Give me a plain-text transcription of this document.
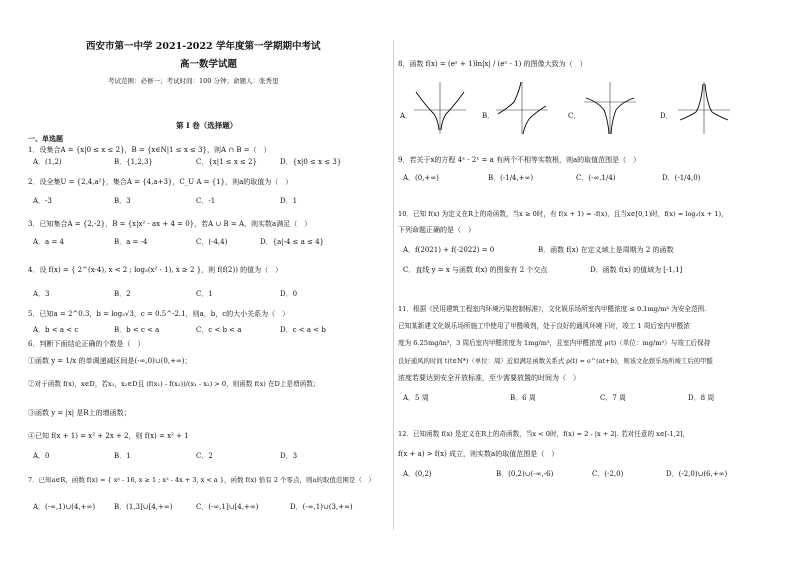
西安市第一中学 2021-2022 学年度第一学期期中考试
高一数学试题
考试范围：必修一；考试时间：100 分钟；命题人：张秀里
第 I 卷（选择题）
一、单选题
1．设集合A = {x|0 ≤ x ≤ 2}，B = {x∈N|1 ≤ x ≤ 3}，则A ∩ B =（　）
A．(1,2)	B．{1,2,3}	C．{x|1 ≤ x ≤ 2}	D．{x|0 ≤ x ≤ 3}
2．设全集U = {2,4,a²}，集合A = {4,a+3}，C_U A = {1}，则a的取值为（　）
A．-3	B．3	C．-1	D．1
3．已知集合A = {2,-2}，B = {x|x² - ax + 4 = 0}，若A ∪ B = A，则实数a满足（　）
A．a = 4	B．a = -4	C．(-4,4)	D．{a|-4 ≤ a ≤ 4}
4．设 f(x) = { 2^(x-4), x < 2 ; log₃(x² - 1), x ≥ 2 }，则 f(f(2)) 的值为（　）
A．3	B．2	C．1	D．0
5．已知a = 2^0.3，b = log₂√3，c = 0.5^-2.1，则a，b，c的大小关系为（　）
A．b < a < c	B．b < c < a	C．c < b < a	D．c < a < b
6．判断下面结论正确的个数是（　）
①函数 y = 1/x 的单调递减区间是(-∞,0)∪(0,+∞)；
②对于函数 f(x)，x∈D，若x₁，x₂∈D且 (f(x₁) - f(x₂))/(x₁ - x₂) > 0，则函数 f(x) 在D上是增函数；
③函数 y = |x| 是R上的增函数；
④已知 f(x + 1) = x² + 2x + 2，则 f(x) = x² + 1
A．0	B．1	C．2	D．3
7．已知a∈R，函数 f(x) = { x² - 16, x ≥ 1 ; x² - 4x + 3, x < a }，函数 f(x) 恰有 2 个零点，则a的取值范围是（　）
A．(-∞,1)∪(4,+∞)	B．(1,3]∪[4,+∞)	C．(-∞,1]∪[4,+∞)	D．(-∞,1)∪(3,+∞)
8．函数 f(x) = (eˣ + 1)ln|x| / (eˣ - 1) 的图像大致为（　）
A．	B．	C．	D．
9．若关于x的方程 4ˣ - 2ˣ = a 有两个不相等实数根，则a的取值范围是（　）
A．(0,+∞)	B．(-1/4,+∞)	C．(-∞,1/4)	D．(-1/4,0)
10．已知 f(x) 为定义在R上的奇函数，当x ≥ 0时，有 f(x + 1) = -f(x)，且当x∈[0,1)时，f(x) = log₂(x + 1)，
下列命题正确的是（　）
A．f(2021) + f(-2022) = 0	B．函数 f(x) 在定义域上是周期为 2 的函数
C．直线 y = x 与函数 f(x) 的图象有 2 个交点	D．函数 f(x) 的值域为 [-1,1]
11．根据《民用建筑工程室内环境污染控制标准》，文化娱乐场所室内甲醛浓度 ≤ 0.1mg/m³ 为安全范围.
已知某新建文化娱乐场所施工中使用了甲醛喷剂，处于良好的通风环境下时，竣工 1 周后室内甲醛浓
度为 6.25mg/m³，3 周后室内甲醛浓度为 1mg/m³，且室内甲醛浓度 ρ(t)（单位：mg/m³）与竣工后保持
良好通风的时间 t(t∈N*)（单位：周）近似满足函数关系式 ρ(t) = e^(at+b)，则该文化娱乐场所竣工后的甲醛
浓度若要达到安全开放标准，至少需要放置的时间为（　）
A．5 周	B．6 周	C．7 周	D．8 周
12．已知函数 f(x) 是定义在R上的奇函数，当x < 0时，f(x) = 2 - |x + 2|. 若对任意的 x∈[-1,2]，
f(x + a) > f(x) 成立，则实数a的取值范围是（　）
A．(0,2)	B．(0,2)∪(-∞,-6)	C．(-2,0)	D．(-2,0)∪(6,+∞)
